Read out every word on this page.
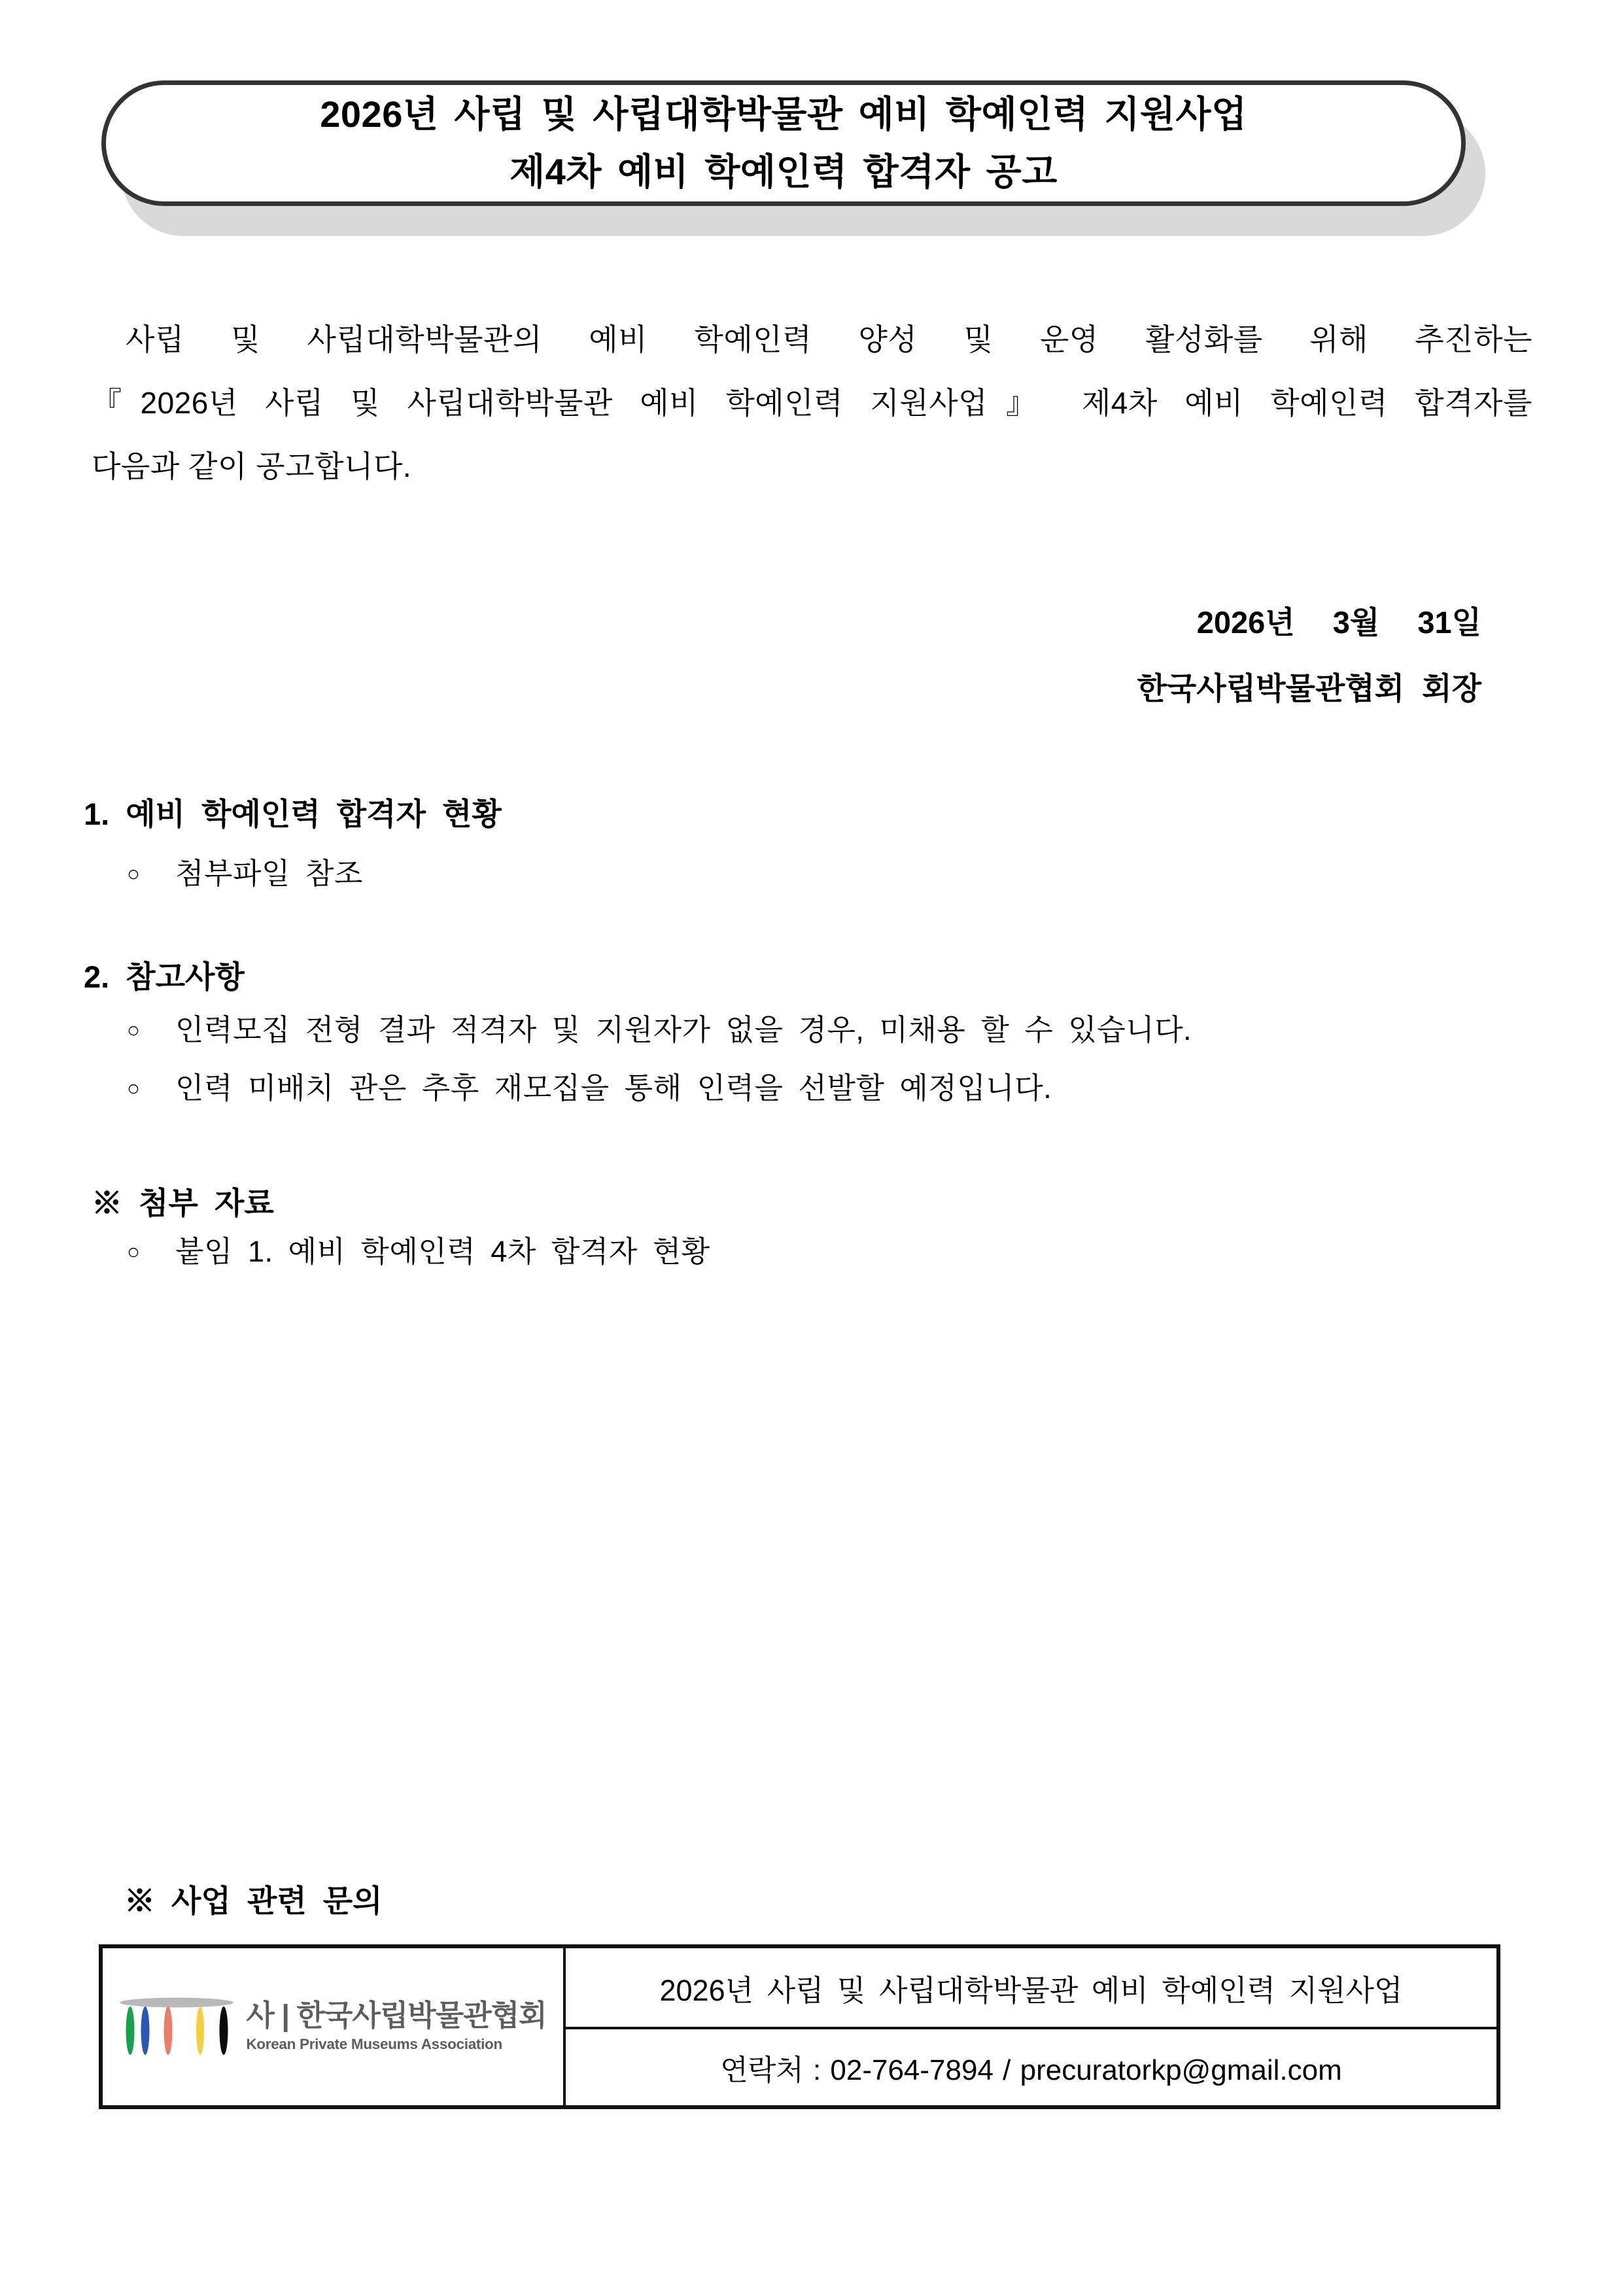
2026년 사립 및 사립대학박물관 예비 학예인력 지원사업
제4차 예비 학예인력 합격자 공고
사립 및 사립대학박물관의 예비 학예인력 양성 및 운영 활성화를 위해 추진하는
『2026년 사립 및 사립대학박물관 예비 학예인력 지원사업』 제4차 예비 학예인력 합격자를
다음과 같이 공고합니다.
2026년 3월 31일
한국사립박물관협회 회장
1. 예비 학예인력 합격자 현황
○	첨부파일 참조
2. 참고사항
○	인력모집 전형 결과 적격자 및 지원자가 없을 경우, 미채용 할 수 있습니다.
○	인력 미배치 관은 추후 재모집을 통해 인력을 선발할 예정입니다.
※ 첨부 자료
○	붙임 1. 예비 학예인력 4차 합격자 현황
※ 사업 관련 문의
사 | 한국사립박물관협회
Korean Private Museums Association
2026년 사립 및 사립대학박물관 예비 학예인력 지원사업
연락처 : 02-764-7894 / precuratorkp@gmail.com
